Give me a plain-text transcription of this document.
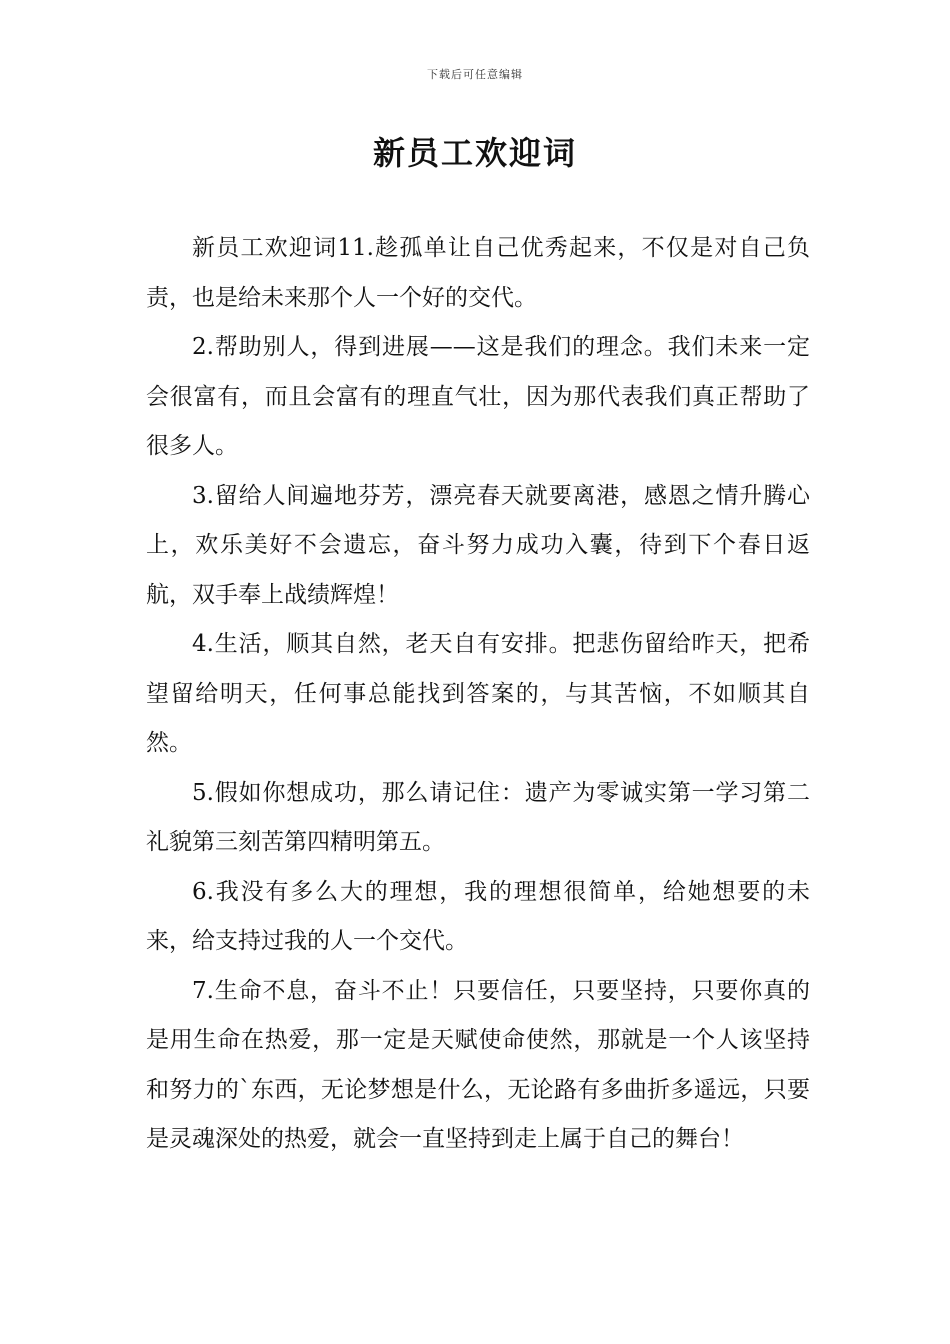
下载后可任意编辑
新员工欢迎词

新员工欢迎词11.趁孤单让自己优秀起来，不仅是对自己负责，也是给未来那个人一个好的交代。

2.帮助别人，得到进展——这是我们的理念。我们未来一定会很富有，而且会富有的理直气壮，因为那代表我们真正帮助了很多人。

3.留给人间遍地芬芳，漂亮春天就要离港，感恩之情升腾心上，欢乐美好不会遗忘，奋斗努力成功入囊，待到下个春日返航，双手奉上战绩辉煌！

4.生活，顺其自然，老天自有安排。把悲伤留给昨天，把希望留给明天，任何事总能找到答案的，与其苦恼，不如顺其自然。

5.假如你想成功，那么请记住：遗产为零诚实第一学习第二礼貌第三刻苦第四精明第五。

6.我没有多么大的理想，我的理想很简单，给她想要的未来，给支持过我的人一个交代。

7.生命不息，奋斗不止！只要信任，只要坚持，只要你真的是用生命在热爱，那一定是天赋使命使然，那就是一个人该坚持和努力的`东西，无论梦想是什么，无论路有多曲折多遥远，只要是灵魂深处的热爱，就会一直坚持到走上属于自己的舞台！
